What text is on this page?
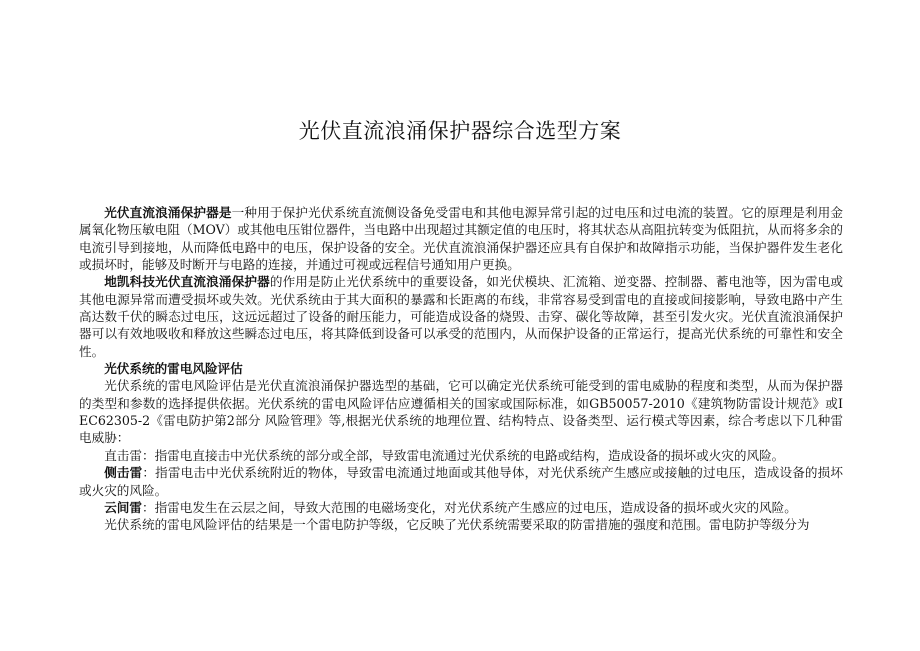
光伏直流浪涌保护器综合选型方案

光伏直流浪涌保护器是一种用于保护光伏系统直流侧设备免受雷电和其他电源异常引起的过电压和过电流的装置。它的原理是利用金属氧化物压敏电阻（MOV）或其他电压钳位器件，当电路中出现超过其额定值的电压时，将其状态从高阻抗转变为低阻抗，从而将多余的电流引导到接地，从而降低电路中的电压，保护设备的安全。光伏直流浪涌保护器还应具有自保护和故障指示功能，当保护器件发生老化或损坏时，能够及时断开与电路的连接，并通过可视或远程信号通知用户更换。

地凯科技光伏直流浪涌保护器的作用是防止光伏系统中的重要设备，如光伏模块、汇流箱、逆变器、控制器、蓄电池等，因为雷电或其他电源异常而遭受损坏或失效。光伏系统由于其大面积的暴露和长距离的布线，非常容易受到雷电的直接或间接影响，导致电路中产生高达数千伏的瞬态过电压，这远远超过了设备的耐压能力，可能造成设备的烧毁、击穿、碳化等故障，甚至引发火灾。光伏直流浪涌保护器可以有效地吸收和释放这些瞬态过电压，将其降低到设备可以承受的范围内，从而保护设备的正常运行，提高光伏系统的可靠性和安全性。

光伏系统的雷电风险评估

光伏系统的雷电风险评估是光伏直流浪涌保护器选型的基础，它可以确定光伏系统可能受到的雷电威胁的程度和类型，从而为保护器的类型和参数的选择提供依据。光伏系统的雷电风险评估应遵循相关的国家或国际标准，如GB50057-2010《建筑物防雷设计规范》或IEC62305-2《雷电防护第2部分 风险管理》等,根据光伏系统的地理位置、结构特点、设备类型、运行模式等因素，综合考虑以下几种雷电威胁：

直击雷：指雷电直接击中光伏系统的部分或全部，导致雷电流通过光伏系统的电路或结构，造成设备的损坏或火灾的风险。

侧击雷：指雷电击中光伏系统附近的物体，导致雷电流通过地面或其他导体，对光伏系统产生感应或接触的过电压，造成设备的损坏或火灾的风险。

云间雷：指雷电发生在云层之间，导致大范围的电磁场变化，对光伏系统产生感应的过电压，造成设备的损坏或火灾的风险。

光伏系统的雷电风险评估的结果是一个雷电防护等级，它反映了光伏系统需要采取的防雷措施的强度和范围。雷电防护等级分为
